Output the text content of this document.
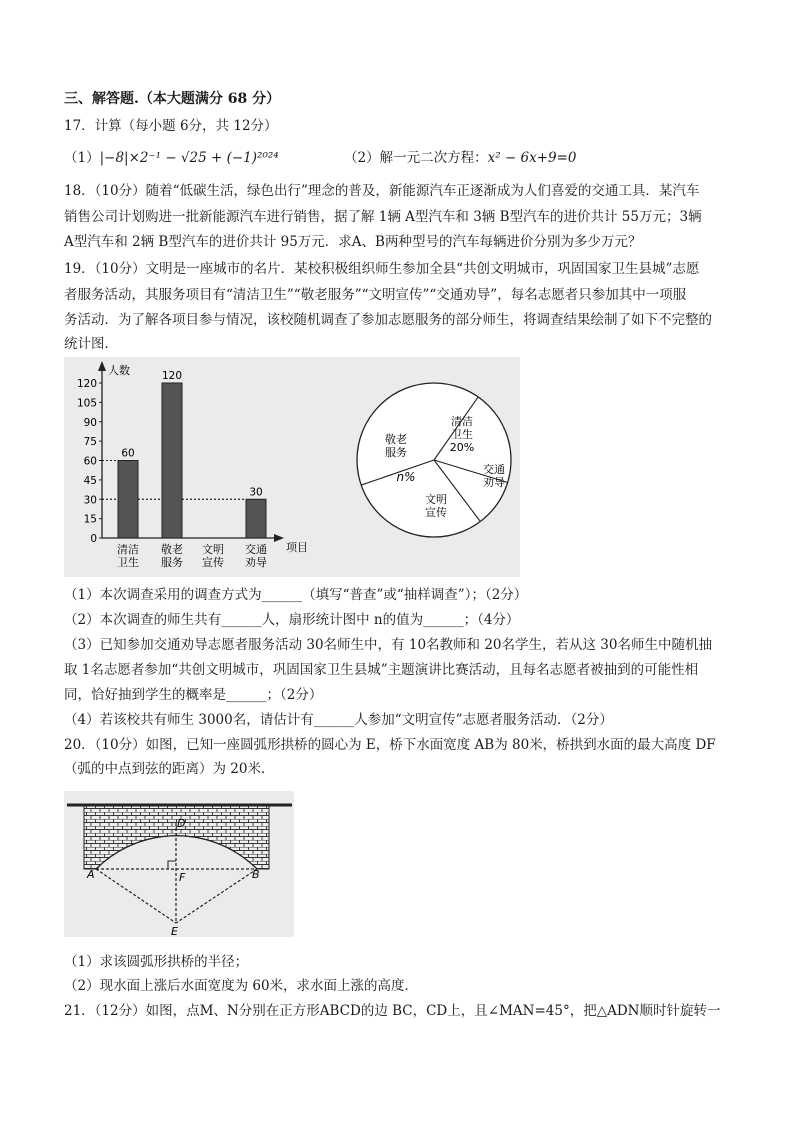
三、解答题.（本大题满分 68 分）
17．计算（每小题 6分，共 12分）
（1）|−8|×2⁻¹ − √25 + (−1)²⁰²⁴	（2）解一元二次方程：x² − 6x+9=0
18．（10分）随着“低碳生活，绿色出行”理念的普及，新能源汽车正逐渐成为人们喜爱的交通工具．某汽车
销售公司计划购进一批新能源汽车进行销售，据了解 1辆 A型汽车和 3辆 B型汽车的进价共计 55万元；3辆
A型汽车和 2辆 B型汽车的进价共计 95万元．求A、B两种型号的汽车每辆进价分别为多少万元？
19．（10分）文明是一座城市的名片．某校积极组织师生参加全县“共创文明城市，巩固国家卫生县城”志愿
者服务活动，其服务项目有“清洁卫生”“敬老服务”“文明宣传”“交通劝导”，每名志愿者只参加其中一项服
务活动．为了解各项目参与情况，该校随机调查了参加志愿服务的部分师生，将调查结果绘制了如下不完整的
统计图．
人数
项目
0
15
30
45
60
75
90
105
120
60
120
30
清洁
卫生
敬老
服务
文明
宣传
交通
劝导
清洁
卫生
20%
交通
劝导
文明
宣传
敬老
服务
n%
（1）本次调查采用的调查方式为______（填写“普查”或“抽样调查”）；（2分）
（2）本次调查的师生共有______人，扇形统计图中 n的值为______；（4分）
（3）已知参加交通劝导志愿者服务活动 30名师生中，有 10名教师和 20名学生，若从这 30名师生中随机抽
取 1名志愿者参加“共创文明城市，巩固国家卫生县城”主题演讲比赛活动，且每名志愿者被抽到的可能性相
同，恰好抽到学生的概率是______；（2分）
（4）若该校共有师生 3000名，请估计有______人参加“文明宣传”志愿者服务活动．（2分）
20．（10分）如图，已知一座圆弧形拱桥的圆心为 E，桥下水面宽度 AB为 80米，桥拱到水面的最大高度 DF
（弧的中点到弦的距离）为 20米．
D
A	F	B
E
（1）求该圆弧形拱桥的半径；
（2）现水面上涨后水面宽度为 60米，求水面上涨的高度．
21．（12分）如图，点M、N分别在正方形ABCD的边 BC，CD上，且∠MAN=45°，把△ADN顺时针旋转一
